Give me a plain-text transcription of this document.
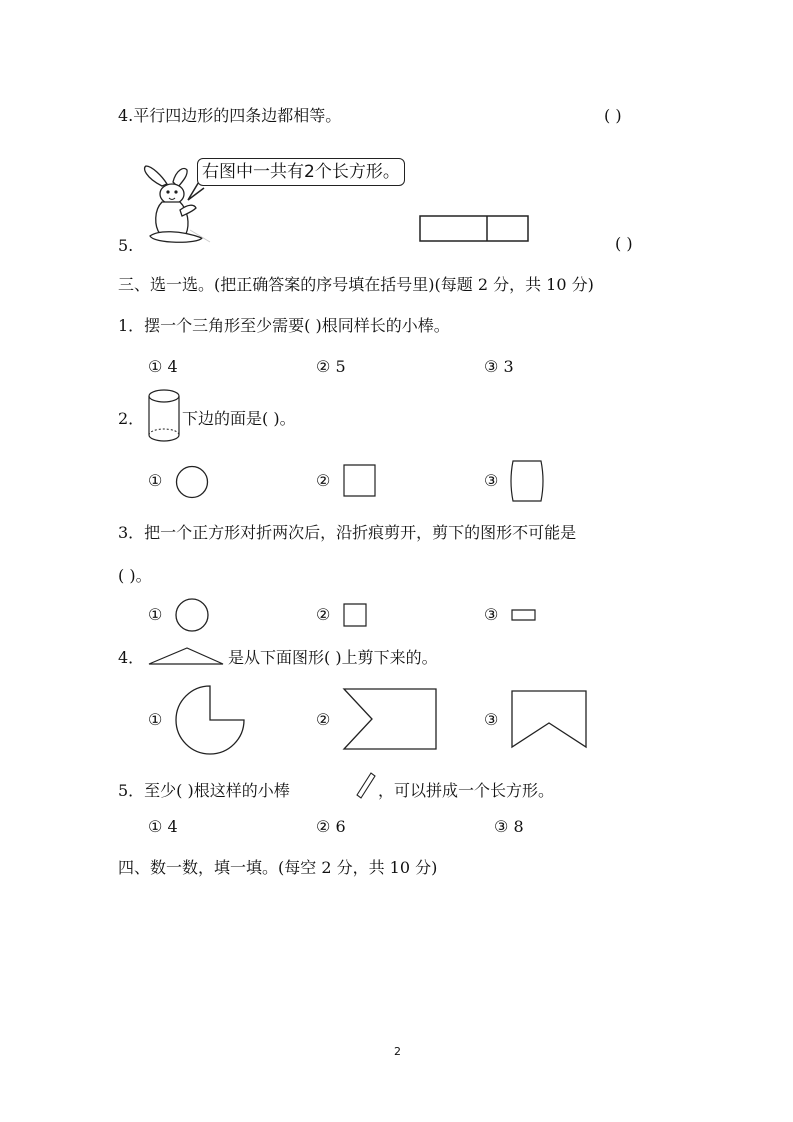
4.平行四边形的四条边都相等。	( )
右图中一共有2个长方形。
5.	( )
三、选一选。(把正确答案的序号填在括号里)(每题 2 分，共 10 分)
1．摆一个三角形至少需要( )根同样长的小棒。
① 4	② 5	③ 3
2． 下边的面是( )。
①	②	③
3．把一个正方形对折两次后，沿折痕剪开，剪下的图形不可能是
( )。
①	②	③
4．	是从下面图形( )上剪下来的。
①	②	③
5．至少( )根这样的小棒	，可以拼成一个长方形。
① 4	② 6	③ 8
四、数一数，填一填。(每空 2 分，共 10 分)
2
